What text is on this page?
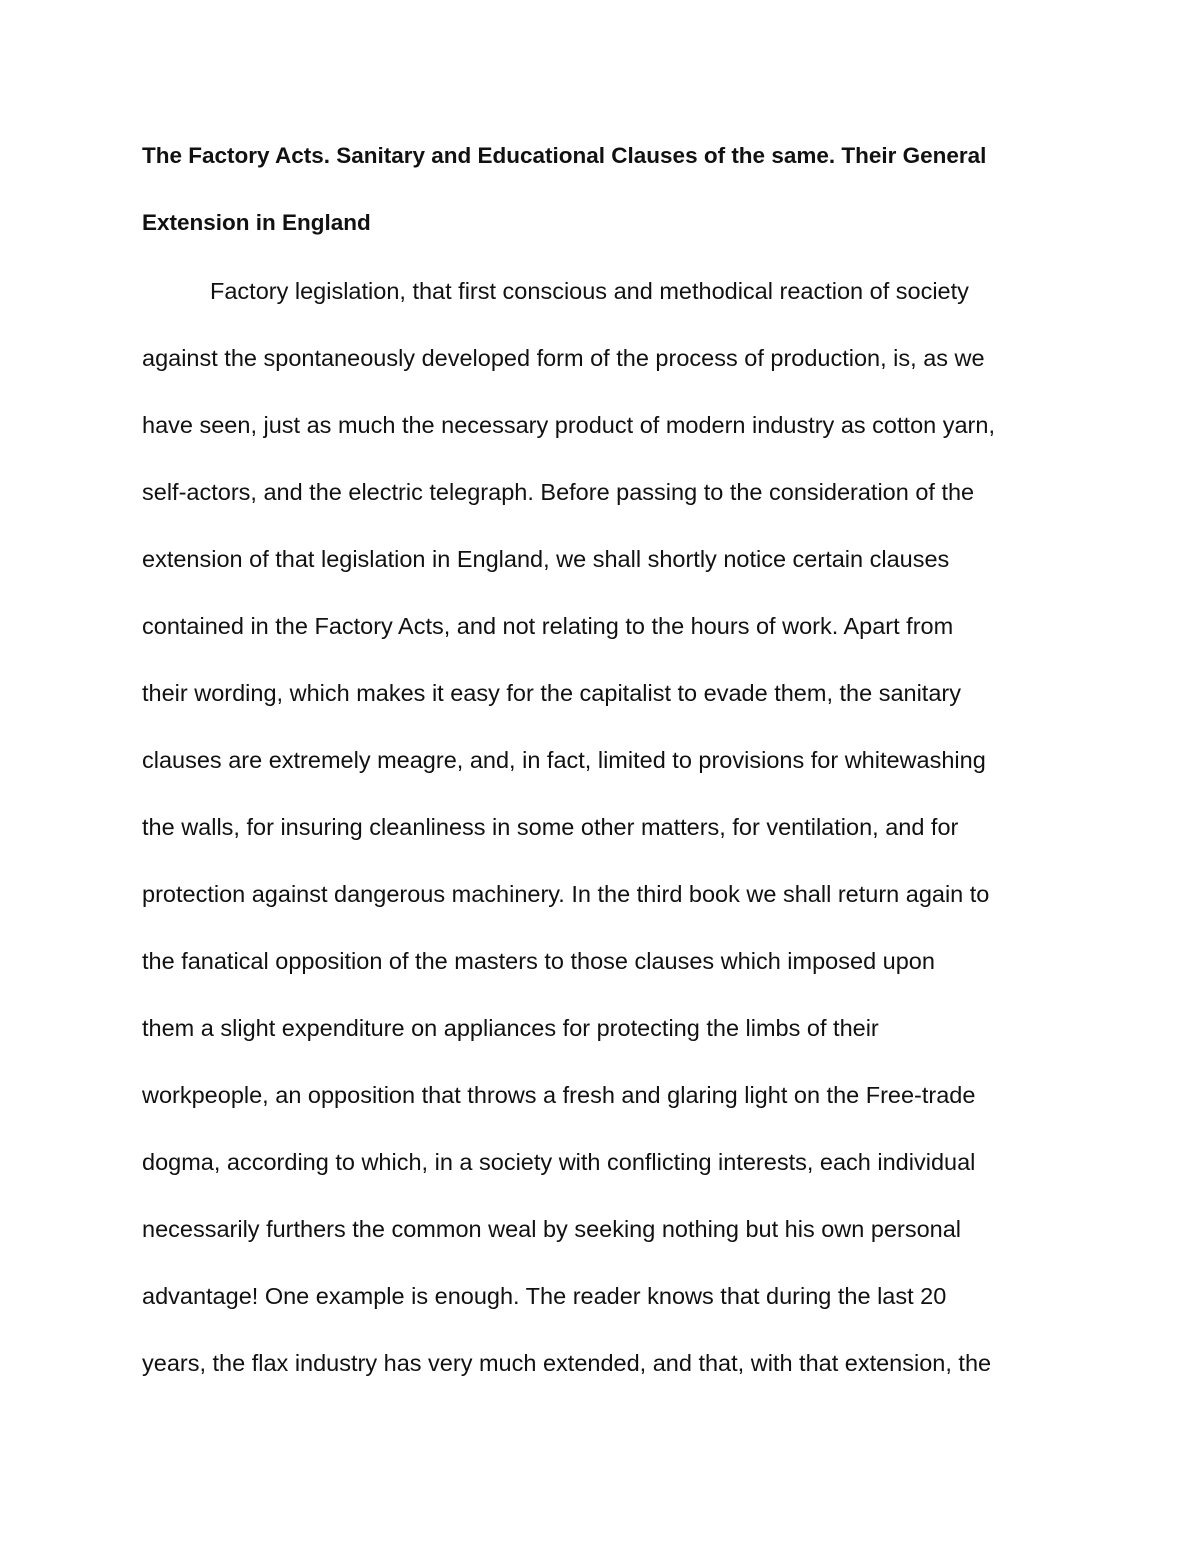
The Factory Acts. Sanitary and Educational Clauses of the same. Their General
Extension in England
Factory legislation, that first conscious and methodical reaction of society
against the spontaneously developed form of the process of production, is, as we
have seen, just as much the necessary product of modern industry as cotton yarn,
self-actors, and the electric telegraph. Before passing to the consideration of the
extension of that legislation in England, we shall shortly notice certain clauses
contained in the Factory Acts, and not relating to the hours of work. Apart from
their wording, which makes it easy for the capitalist to evade them, the sanitary
clauses are extremely meagre, and, in fact, limited to provisions for whitewashing
the walls, for insuring cleanliness in some other matters, for ventilation, and for
protection against dangerous machinery. In the third book we shall return again to
the fanatical opposition of the masters to those clauses which imposed upon
them a slight expenditure on appliances for protecting the limbs of their
workpeople, an opposition that throws a fresh and glaring light on the Free-trade
dogma, according to which, in a society with conflicting interests, each individual
necessarily furthers the common weal by seeking nothing but his own personal
advantage! One example is enough. The reader knows that during the last 20
years, the flax industry has very much extended, and that, with that extension, the
